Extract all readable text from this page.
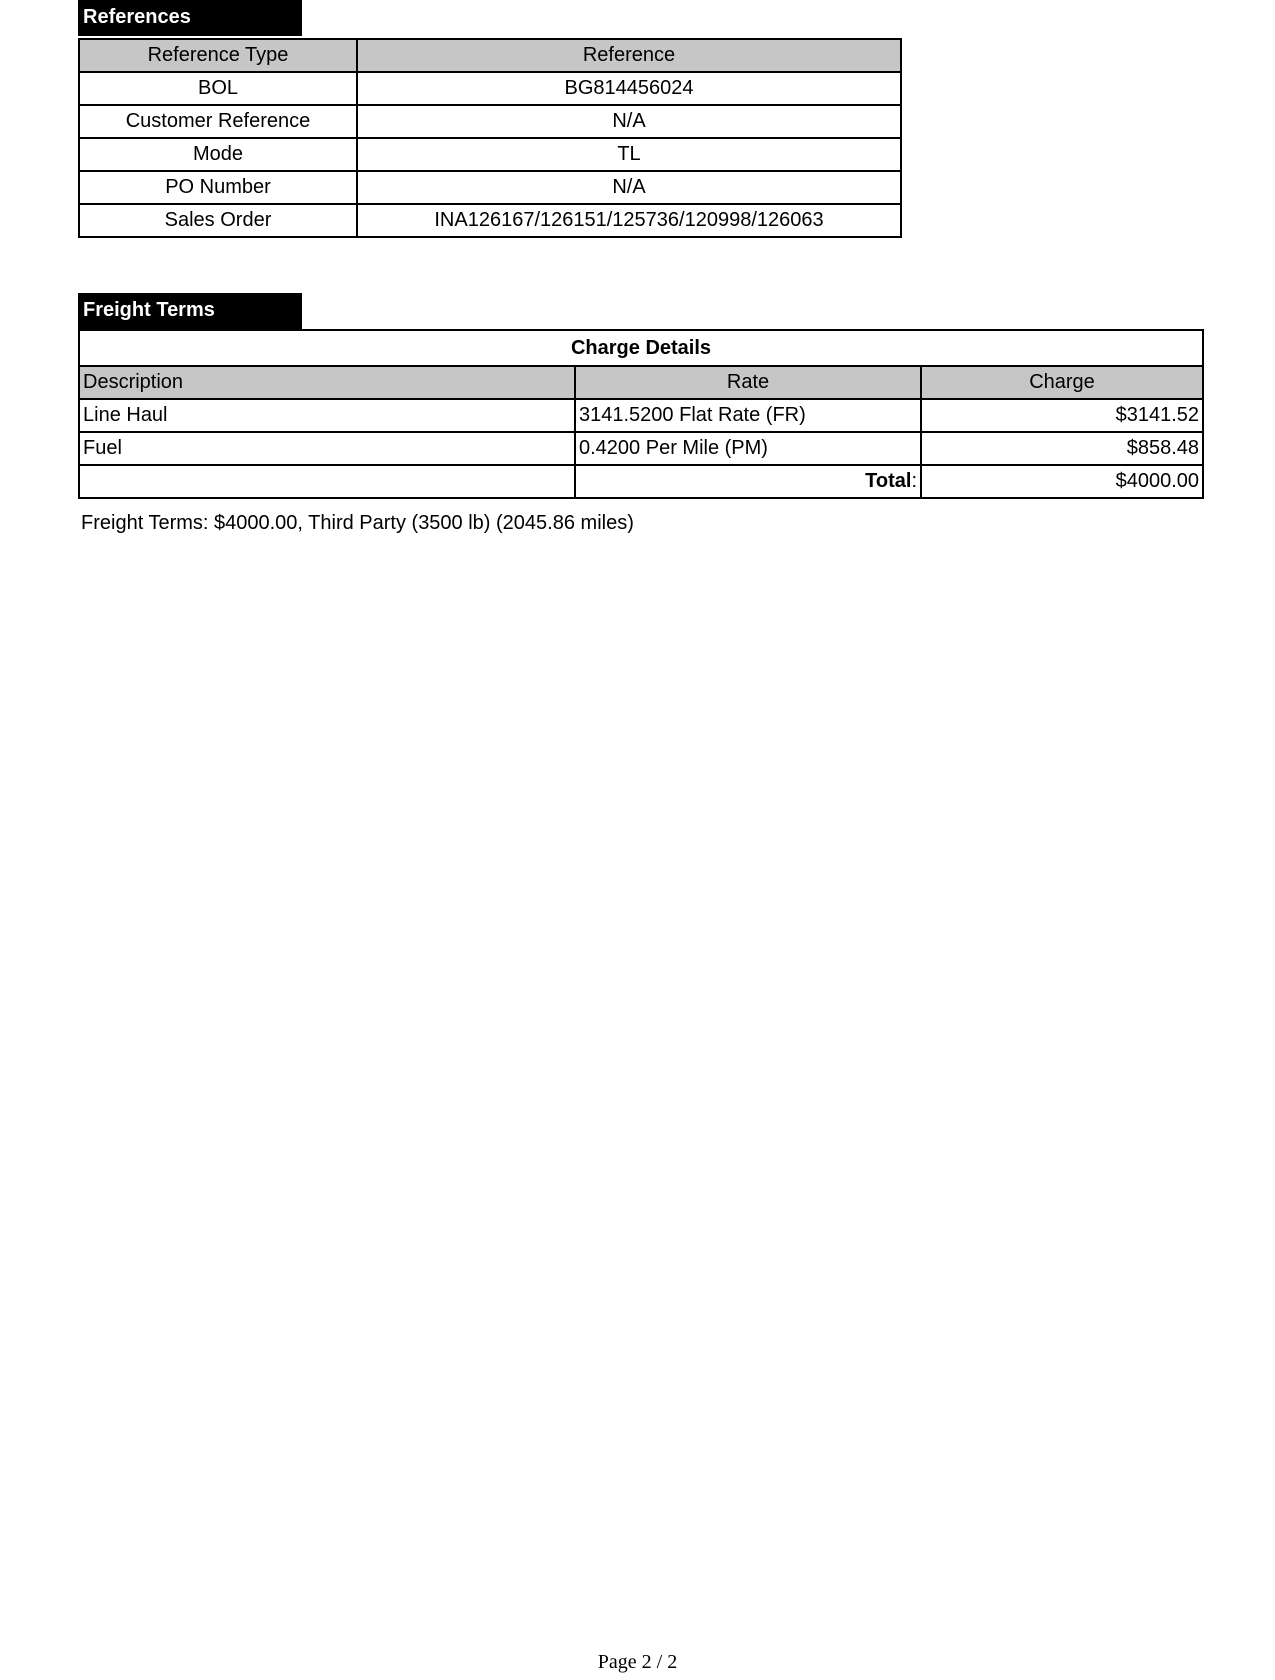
References
Reference Type	Reference
BOL	BG814456024
Customer Reference	N/A
Mode	TL
PO Number	N/A
Sales Order	INA126167/126151/125736/120998/126063
Freight Terms
Charge Details		
Description	Rate	Charge
Line Haul	3141.5200 Flat Rate (FR)	$3141.52
Fuel	0.4200 Per Mile (PM)	$858.48
	Total:	$4000.00
Freight Terms: $4000.00, Third Party (3500 lb) (2045.86 miles)
Page 2 / 2
